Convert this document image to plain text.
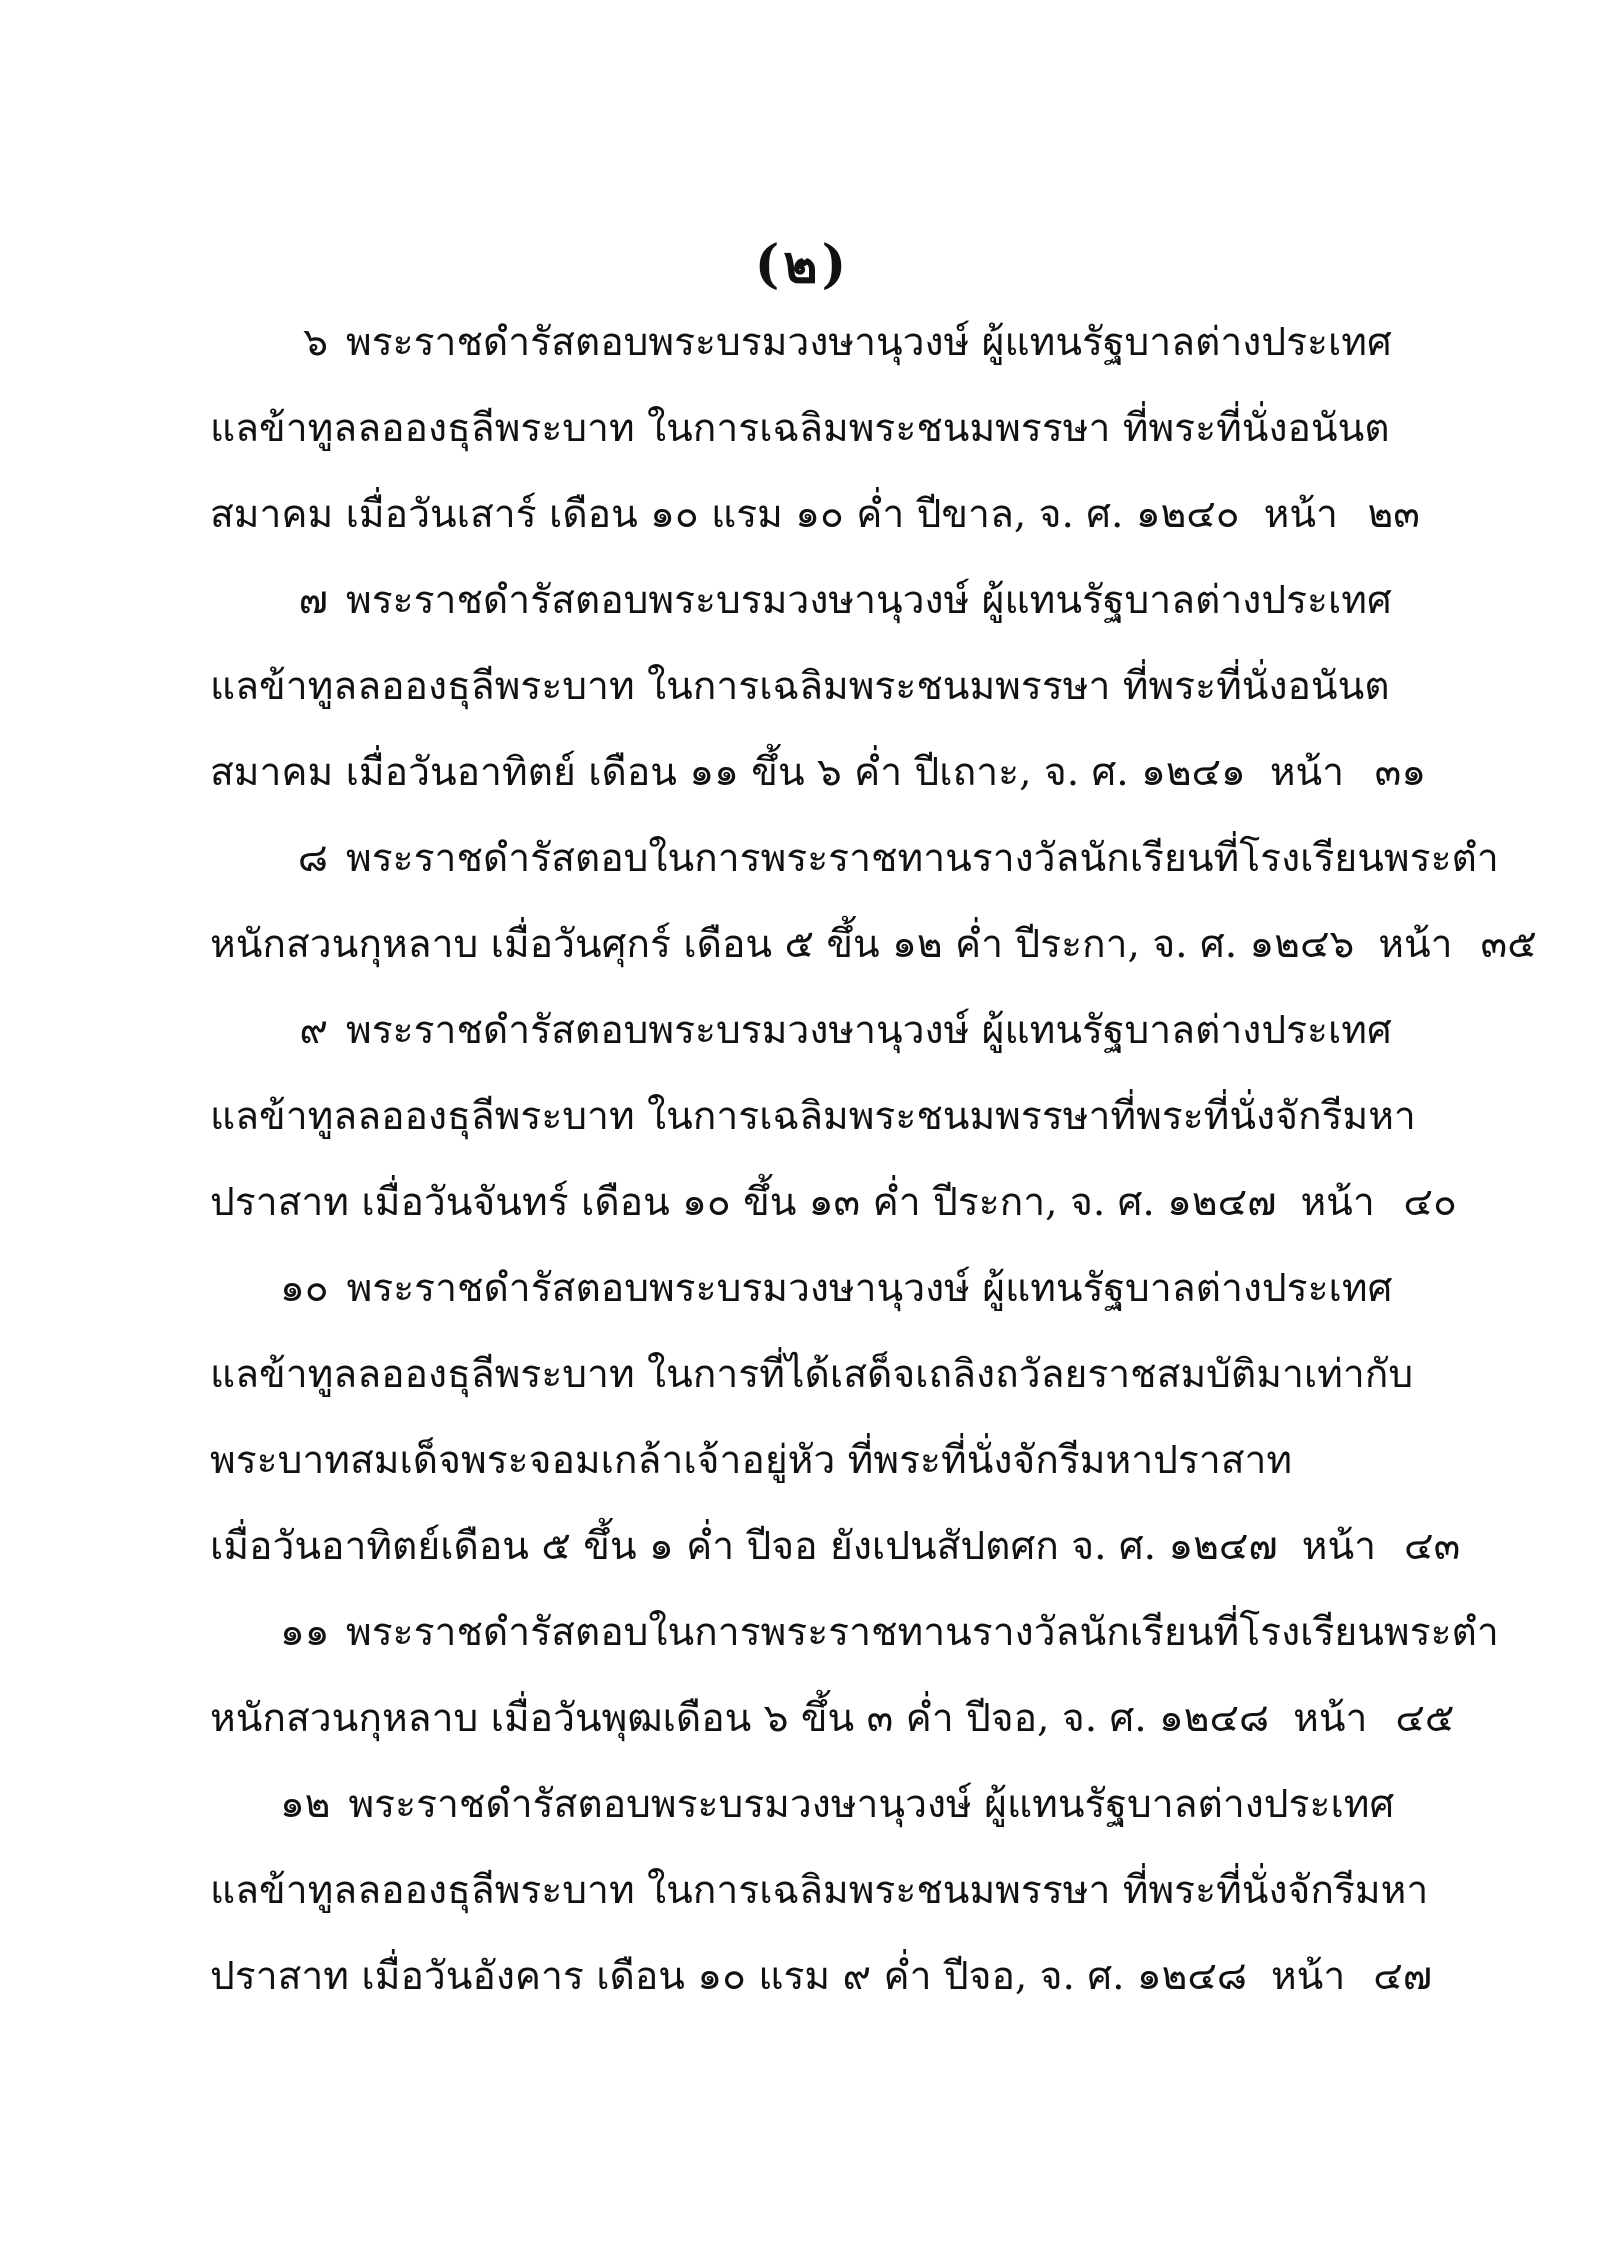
(๒)
๖ พระราชดำรัสตอบพระบรมวงษานุวงษ์ ผู้แทนรัฐบาลต่างประเทศ
แลข้าทูลลอองธุลีพระบาท ในการเฉลิมพระชนมพรรษา ที่พระที่นั่งอนันต
สมาคม เมื่อวันเสาร์ เดือน ๑๐ แรม ๑๐ ค่ำ ปีขาล, จ. ศ. ๑๒๔๐ หน้า ๒๓
๗ พระราชดำรัสตอบพระบรมวงษานุวงษ์ ผู้แทนรัฐบาลต่างประเทศ
แลข้าทูลลอองธุลีพระบาท ในการเฉลิมพระชนมพรรษา ที่พระที่นั่งอนันต
สมาคม เมื่อวันอาทิตย์ เดือน ๑๑ ขึ้น ๖ ค่ำ ปีเถาะ, จ. ศ. ๑๒๔๑ หน้า ๓๑
๘ พระราชดำรัสตอบในการพระราชทานรางวัลนักเรียนที่โรงเรียนพระตำ
หนักสวนกุหลาบ เมื่อวันศุกร์ เดือน ๕ ขึ้น ๑๒ ค่ำ ปีระกา, จ. ศ. ๑๒๔๖ หน้า ๓๕
๙ พระราชดำรัสตอบพระบรมวงษานุวงษ์ ผู้แทนรัฐบาลต่างประเทศ
แลข้าทูลลอองธุลีพระบาท ในการเฉลิมพระชนมพรรษาที่พระที่นั่งจักรีมหา
ปราสาท เมื่อวันจันทร์ เดือน ๑๐ ขึ้น ๑๓ ค่ำ ปีระกา, จ. ศ. ๑๒๔๗ หน้า ๔๐
๑๐ พระราชดำรัสตอบพระบรมวงษานุวงษ์ ผู้แทนรัฐบาลต่างประเทศ
แลข้าทูลลอองธุลีพระบาท ในการที่ได้เสด็จเถลิงถวัลยราชสมบัติมาเท่ากับ
พระบาทสมเด็จพระจอมเกล้าเจ้าอยู่หัว ที่พระที่นั่งจักรีมหาปราสาท
เมื่อวันอาทิตย์เดือน ๕ ขึ้น ๑ ค่ำ ปีจอ ยังเปนสัปตศก จ. ศ. ๑๒๔๗ หน้า ๔๓
๑๑ พระราชดำรัสตอบในการพระราชทานรางวัลนักเรียนที่โรงเรียนพระตำ
หนักสวนกุหลาบ เมื่อวันพุฒเดือน ๖ ขึ้น ๓ ค่ำ ปีจอ, จ. ศ. ๑๒๔๘ หน้า ๔๕
๑๒ พระราชดำรัสตอบพระบรมวงษานุวงษ์ ผู้แทนรัฐบาลต่างประเทศ
แลข้าทูลลอองธุลีพระบาท ในการเฉลิมพระชนมพรรษา ที่พระที่นั่งจักรีมหา
ปราสาท เมื่อวันอังคาร เดือน ๑๐ แรม ๙ ค่ำ ปีจอ, จ. ศ. ๑๒๔๘ หน้า ๔๗
